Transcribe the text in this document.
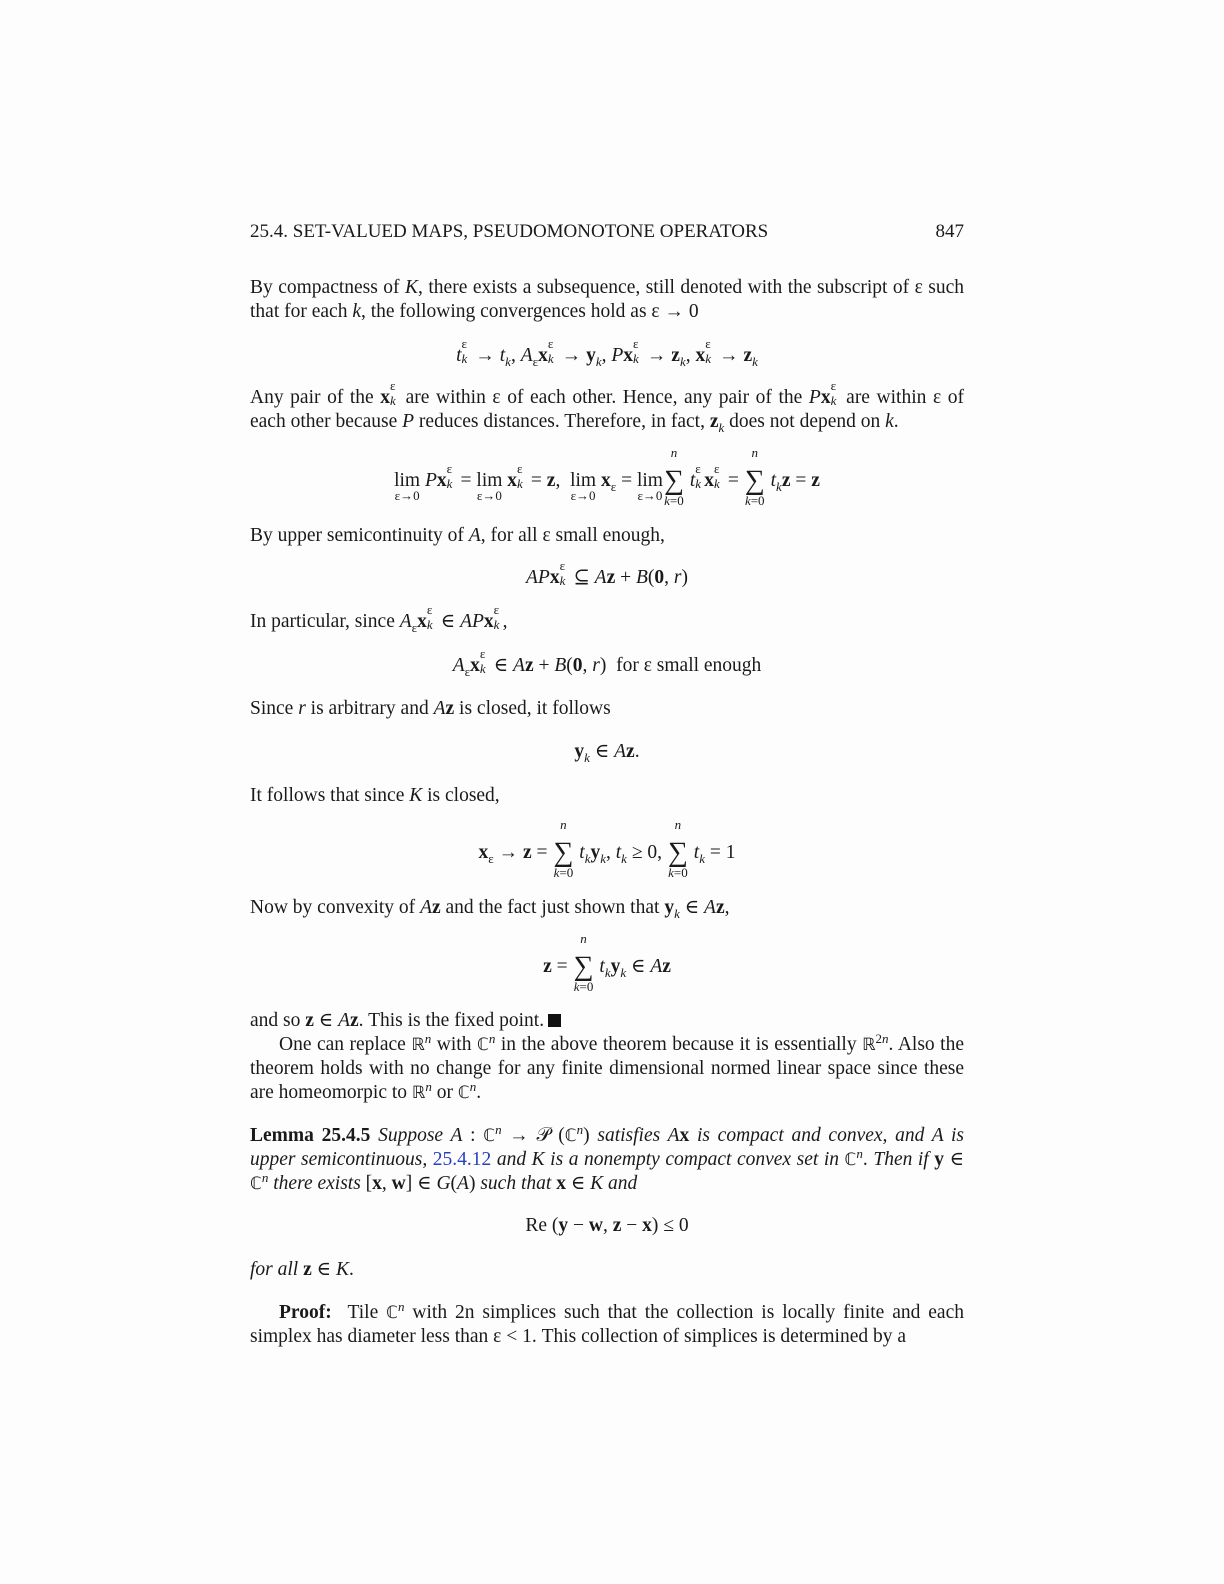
25.4. SET-VALUED MAPS, PSEUDOMONOTONE OPERATORS	847
By compactness of K, there exists a subsequence, still denoted with the subscript of ε such that for each k, the following convergences hold as ε → 0
t
ε
$k \to t_k$, $A_\varepsilon x$
ε
$k \to y_k$, Px
ε
$k \to z_k$, x
ε
$k \to z_k$
Any pair of the x
ε
k are within ε of each other. Hence, any pair of the Px
ε
k are within ε of each other because P reduces distances. Therefore, in fact, $z_k$ does not depend on k.
lim
ε→0
Px
ε
k = lim
ε→0
x
ε
k = z,  lim
ε→0
$x_\varepsilon = \lim$
ε→0
n
∑
k=0
t
ε
k x
ε
k =
n
∑
k=0
$t_kz = z$
By upper semicontinuity of A, for all ε small enough,
APx
ε
k ⊆ Az + B(0, r)
In particular, since $A_\varepsilon x$
ε
k ∈ APx
ε
k ,
$A_\varepsilon x$
ε
k ∈ Az + B(0, r)  for ε small enough
Since r is arbitrary and Az is closed, it follows
$y_k$ ∈ Az.
It follows that since K is closed,
$x_\varepsilon \to z$ =
n
∑
k=0
$t_ky_k$, $t_k \ge 0$,
n
∑
k=0
$t_k = 1$
Now by convexity of Az and the fact just shown that $y_k$ ∈ Az,
z =
n
∑
k=0
$t_ky_k$ ∈ Az

and so z ∈ Az. This is the fixed point.

One can replace ℝ$^n$ with ℂ$^n$ in the above theorem because it is essentially ℝ$^{2n}$. Also the theorem holds with no change for any finite dimensional normed linear space since these are homeomorpic to ℝ$^n$ or ℂ$^n$.

Lemma 25.4.5 Suppose A : ℂ$^n$ → 𝒫 (ℂ$^n$) satisfies Ax is compact and convex, and A is upper semicontinuous, 25.4.12 and K is a nonempty compact convex set in ℂ$^n$. Then if y ∈ ℂ$^n$ there exists [x, w] ∈ G(A) such that x ∈ K and
Re (y − w, z − x) ≤ 0
for all z ∈ K.

Proof:  Tile ℂ$^n$ with 2n simplices such that the collection is locally finite and each simplex has diameter less than ε < 1. This collection of simplices is determined by a
